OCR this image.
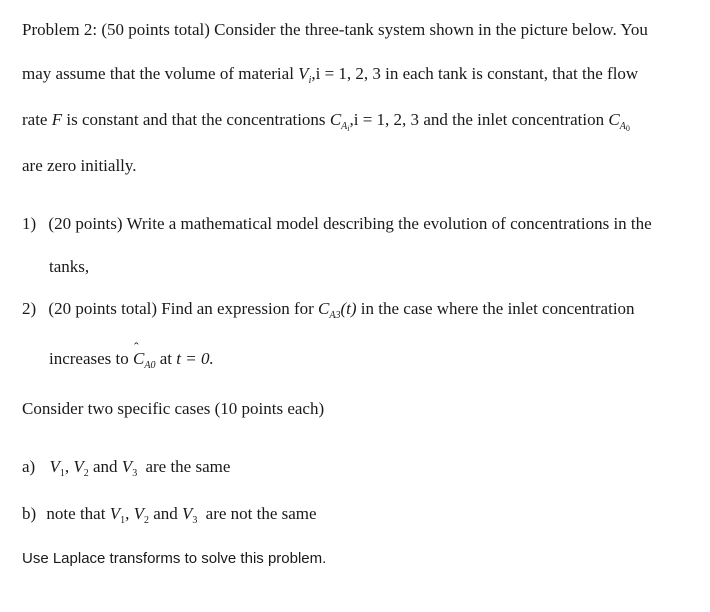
Problem 2: (50 points total) Consider the three-tank system shown in the picture below. You
may assume that the volume of material $V_i,i = 1$, 2, 3 in each tank is constant, that the flow
rate F is constant and that the concentrations $C_{Ai},i = 1$, 2, 3 and the inlet concentration $C_{A0}$
are zero initially.
1) (20 points) Write a mathematical model describing the evolution of concentrations in the
tanks,
2) (20 points total) Find an expression for $C_{A3}(t)$ in the case where the inlet concentration
increases to ˆ $C_{A0}$ at t = 0.
Consider two specific cases (10 points each)
a) $V_1$, $V_2$ and $V_3$ are the same
b) note that $V_1$, $V_2$ and $V_3$ are not the same
Use Laplace transforms to solve this problem.
